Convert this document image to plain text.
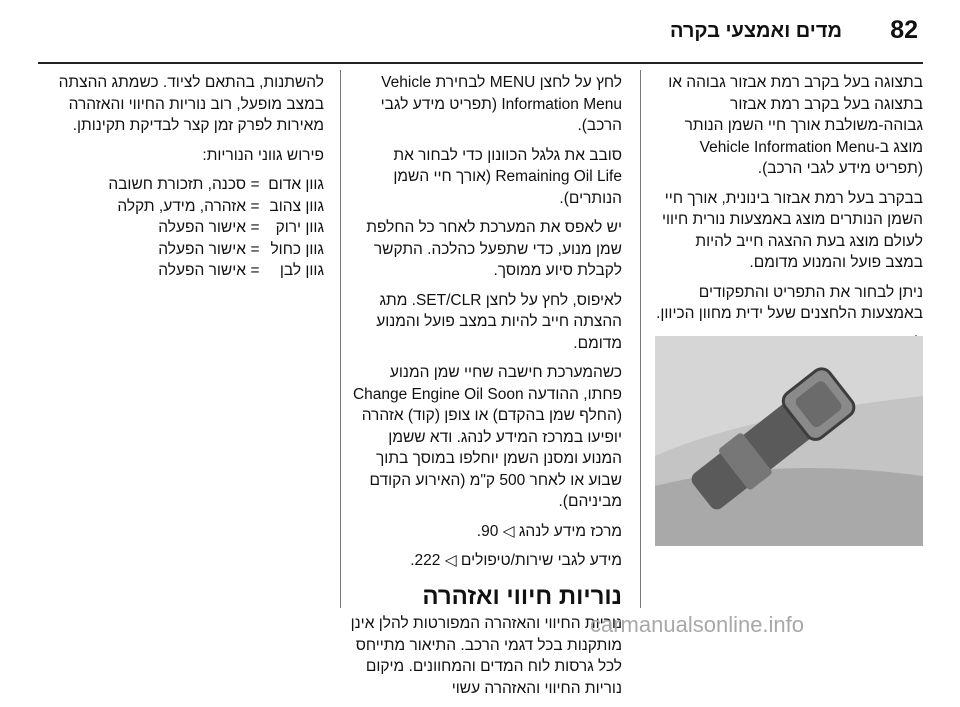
82
מדים ואמצעי בקרה

בתצוגה בעל בקרב רמת אבזור גבוהה או בתצוגה בעל בקרב רמת אבזור גבוהה-משולבת אורך חיי השמן הנותר מוצג ב-Vehicle Information Menu (תפריט מידע לגבי הרכב).

בבקרב בעל רמת אבזור בינונית, אורך חיי השמן הנותרים מוצג באמצעות נורית חיווי לעולם מוצג בעת ההצגה חייב להיות במצב פועל והמנוע מדומם.

ניתן לבחור את התפריט והתפקודים באמצעות הלחצנים שעל ידית מחוון הכיוון.

לחץ על לחצן MENU לבחירת Vehicle Information Menu (תפריט מידע לגבי הרכב).

סובב את גלגל הכוונון כדי לבחור את Remaining Oil Life (אורך חיי השמן הנותרים).

יש לאפס את המערכת לאחר כל החלפת שמן מנוע, כדי שתפעל כהלכה. התקשר לקבלת סיוע ממוסך.

לאיפוס, לחץ על לחצן SET/CLR. מתג ההצתה חייב להיות במצב פועל והמנוע מדומם.

כשהמערכת חישבה שחיי שמן המנוע פחתו, ההודעה Change Engine Oil Soon (החלף שמן בהקדם) או צופן (קוד) אזהרה יופיעו במרכז המידע לנהג. ודא ששמן המנוע ומסנן השמן יוחלפו במוסך בתוך שבוע או לאחר 500 ק"מ (האירוע הקודם מביניהם).

מרכז מידע לנהג ◁ 90.

מידע לגבי שירות/טיפולים ◁ 222.

נוריות חיווי ואזהרה

נוריות החיווי והאזהרה המפורטות להלן אינן מותקנות בכל דגמי הרכב. התיאור מתייחס לכל גרסות לוח המדים והמחוונים. מיקום נוריות החיווי והאזהרה עשוי

להשתנות, בהתאם לציוד. כשמתג ההצתה במצב מופעל, רוב נוריות החיווי והאזהרה מאירות לפרק זמן קצר לבדיקת תקינותן.

פירוש גווני הנוריות:

גוון אדום
=
סכנה, תזכורת חשובה
גוון צהוב
=
אזהרה, מידע, תקלה
גוון ירוק
=
אישור הפעלה
גוון כחול
=
אישור הפעלה
גוון לבן
=
אישור הפעלה
carmanualsonline.info
